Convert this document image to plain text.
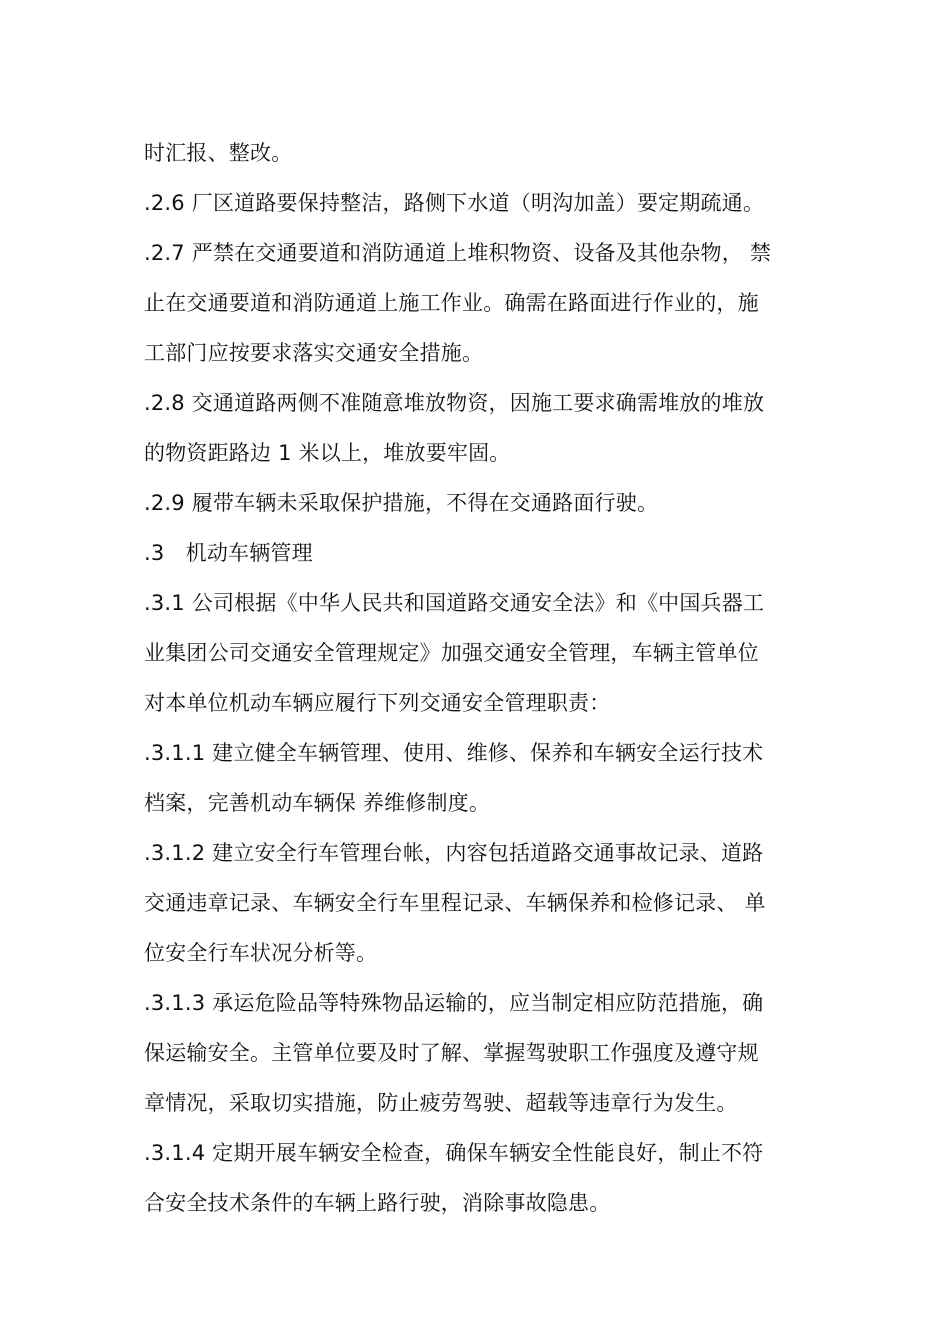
时汇报、整改。
.2.6 厂区道路要保持整洁，路侧下水道（明沟加盖）要定期疏通。
.2.7 严禁在交通要道和消防通道上堆积物资、设备及其他杂物， 禁
止在交通要道和消防通道上施工作业。确需在路面进行作业的，施
工部门应按要求落实交通安全措施。
.2.8 交通道路两侧不准随意堆放物资，因施工要求确需堆放的堆放
的物资距路边 1 米以上，堆放要牢固。
.2.9 履带车辆未采取保护措施，不得在交通路面行驶。
.3　机动车辆管理
.3.1 公司根据《中华人民共和国道路交通安全法》和《中国兵器工
业集团公司交通安全管理规定》加强交通安全管理，车辆主管单位
对本单位机动车辆应履行下列交通安全管理职责：
.3.1.1 建立健全车辆管理、使用、维修、保养和车辆安全运行技术
档案，完善机动车辆保 养维修制度。
.3.1.2 建立安全行车管理台帐，内容包括道路交通事故记录、道路
交通违章记录、车辆安全行车里程记录、车辆保养和检修记录、 单
位安全行车状况分析等。
.3.1.3 承运危险品等特殊物品运输的，应当制定相应防范措施，确
保运输安全。主管单位要及时了解、掌握驾驶职工作强度及遵守规
章情况，采取切实措施，防止疲劳驾驶、超载等违章行为发生。
.3.1.4 定期开展车辆安全检查，确保车辆安全性能良好，制止不符
合安全技术条件的车辆上路行驶，消除事故隐患。
